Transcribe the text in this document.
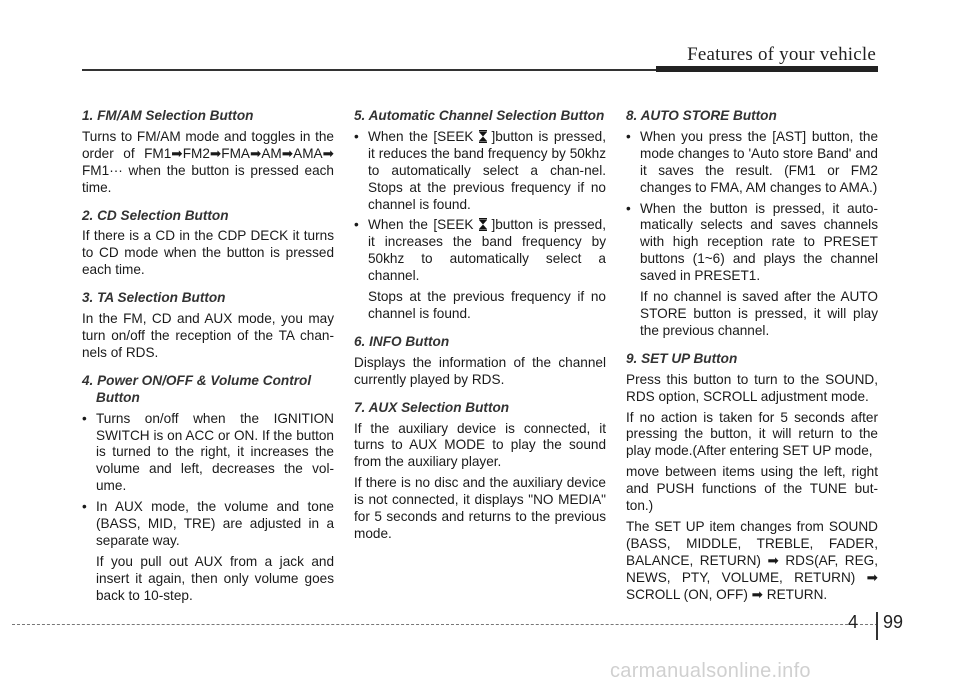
Features of your vehicle
1. FM/AM Selection Button
Turns to FM/AM mode and toggles in the order of FM1➡FM2➡FMA➡AM➡AMA➡ FM1··· when the button is pressed each time.
2. CD Selection Button
If there is a CD in the CDP DECK it turns to CD mode when the button is pressed each time.
3. TA Selection Button
In the FM, CD and AUX mode, you may turn on/off the reception of the TA chan-nels of RDS.
4. Power ON/OFF & Volume Control Button
• Turns on/off when the IGNITION SWITCH is on ACC or ON. If the button is turned to the right, it increases the volume and left, decreases the vol-ume.
• In AUX mode, the volume and tone (BASS, MID, TRE) are adjusted in a separate way.
If you pull out AUX from a jack and insert it again, then only volume goes back to 10-step.
5. Automatic Channel Selection Button
• When the [SEEK ]button is pressed, it reduces the band frequency by 50khz to automatically select a chan-nel. Stops at the previous frequency if no channel is found.
• When the [SEEK ]button is pressed, it increases the band frequency by 50khz to automatically select a channel.
Stops at the previous frequency if no channel is found.
6. INFO Button
Displays the information of the channel currently played by RDS.
7. AUX Selection Button
If the auxiliary device is connected, it turns to AUX MODE to play the sound from the auxiliary player.
If there is no disc and the auxiliary device is not connected, it displays "NO MEDIA" for 5 seconds and returns to the previous mode.
8. AUTO STORE Button
• When you press the [AST] button, the mode changes to 'Auto store Band' and it saves the result. (FM1 or FM2 changes to FMA, AM changes to AMA.)
• When the button is pressed, it auto-matically selects and saves channels with high reception rate to PRESET buttons (1~6) and plays the channel saved in PRESET1.
If no channel is saved after the AUTO STORE button is pressed, it will play the previous channel.
9. SET UP Button
Press this button to turn to the SOUND, RDS option, SCROLL adjustment mode.
If no action is taken for 5 seconds after pressing the button, it will return to the play mode.(After entering SET UP mode,
move between items using the left, right and PUSH functions of the TUNE but-ton.)
The SET UP item changes from SOUND (BASS, MIDDLE, TREBLE, FADER, BALANCE, RETURN) ➡ RDS(AF, REG, NEWS, PTY, VOLUME, RETURN) ➡ SCROLL (ON, OFF) ➡ RETURN.
4 99
carmanualsonline.info
